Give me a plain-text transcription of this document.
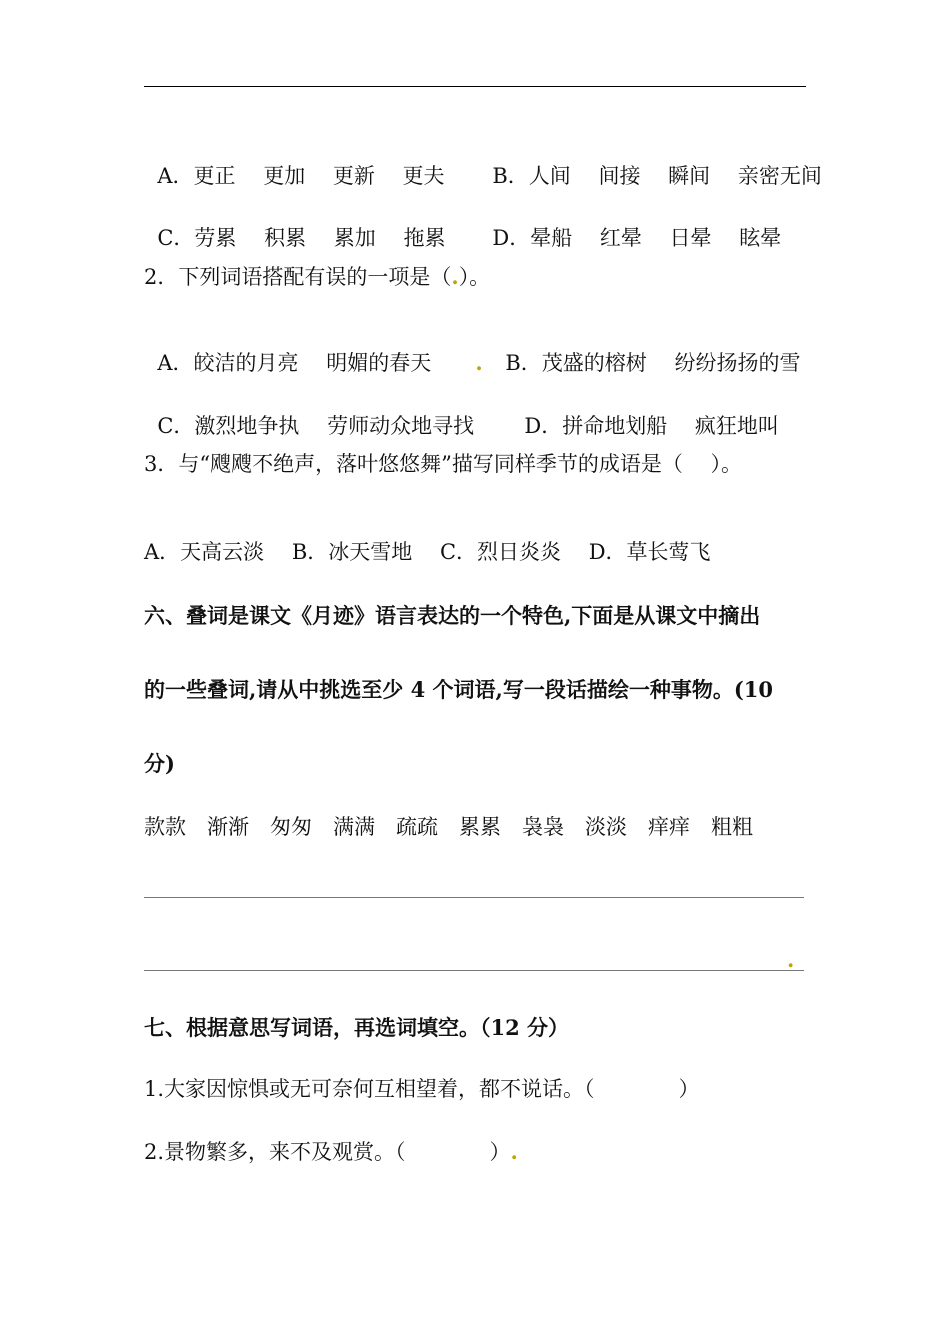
A．更正　 更加　 更新　 更夫 B．人间　 间接　 瞬间　 亲密无间

C．劳累　 积累　 累加　 拖累 D．晕船　 红晕　 日晕　 眩晕

2．下列词语搭配有误的一项是（.）。

A．皎洁的月亮　 明媚的春天 . B．茂盛的榕树　 纷纷扬扬的雪

C．激烈地争执　 劳师动众地寻找 D．拼命地划船　 疯狂地叫

3．与“飕飕不绝声，落叶悠悠舞”描写同样季节的成语是（　 ）。
A．天高云淡　 B．冰天雪地　 C．烈日炎炎　 D．草长莺飞
六、叠词是课文《月迹》语言表达的一个特色,下面是从课文中摘出
的一些叠词,请从中挑选至少 4 个词语,写一段话描绘一种事物。(10
分)
款款　渐渐　匆匆　满满　疏疏　累累　袅袅　淡淡　痒痒　粗粗
.
七、根据意思写词语，再选词填空。（12 分）
1.大家因惊惧或无可奈何互相望着，都不说话。（　　　　）
2.景物繁多，来不及观赏。（　　　　）.
